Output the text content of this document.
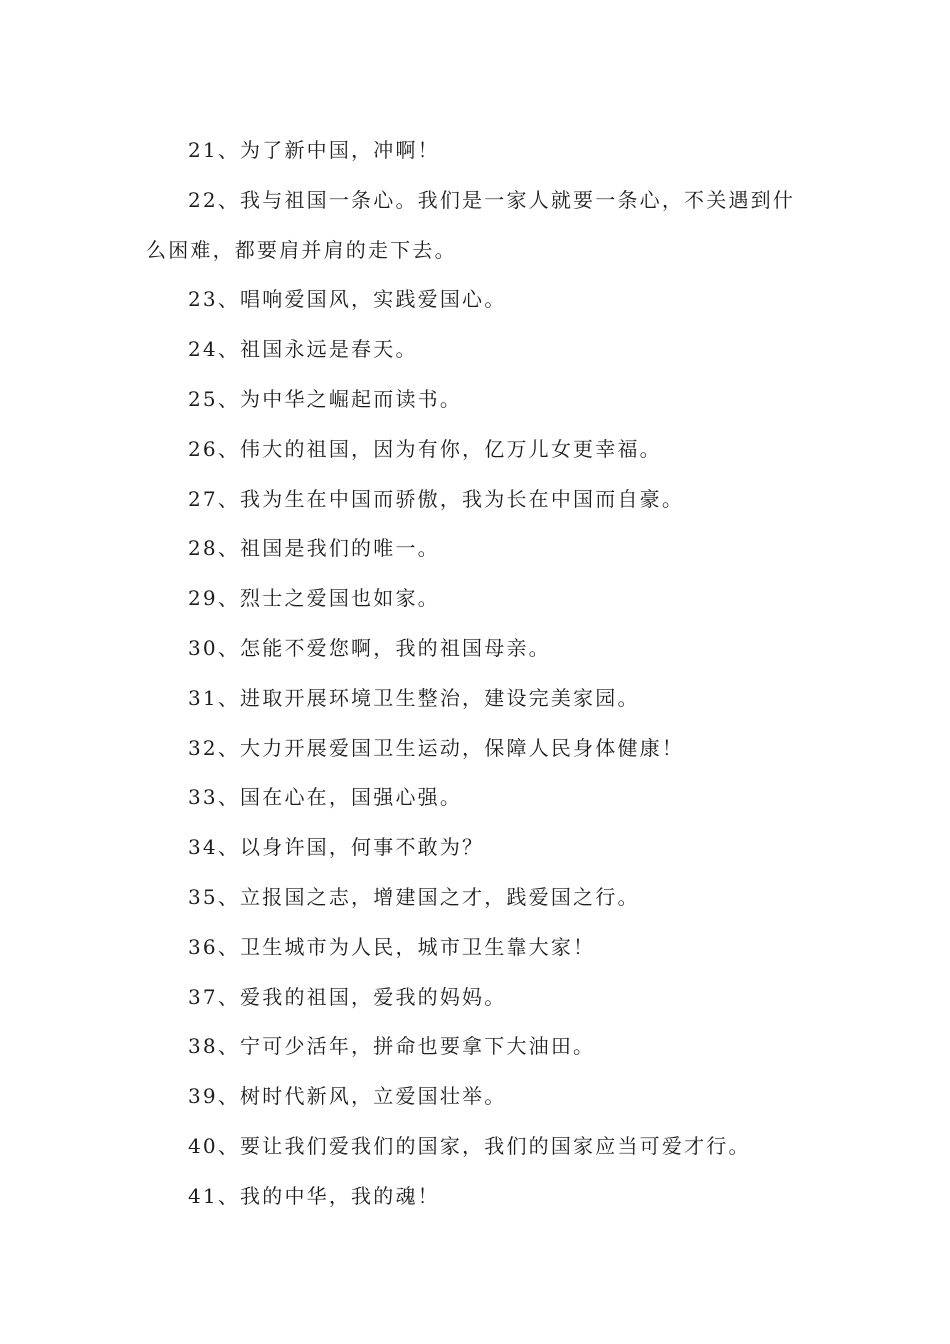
21、为了新中国，冲啊！

22、我与祖国一条心。我们是一家人就要一条心，不关遇到什么困难，都要肩并肩的走下去。

23、唱响爱国风，实践爱国心。

24、祖国永远是春天。

25、为中华之崛起而读书。

26、伟大的祖国，因为有你，亿万儿女更幸福。

27、我为生在中国而骄傲，我为长在中国而自豪。

28、祖国是我们的唯一。

29、烈士之爱国也如家。

30、怎能不爱您啊，我的祖国母亲。

31、进取开展环境卫生整治，建设完美家园。

32、大力开展爱国卫生运动，保障人民身体健康！

33、国在心在，国强心强。

34、以身许国，何事不敢为？

35、立报国之志，增建国之才，践爱国之行。

36、卫生城市为人民，城市卫生靠大家！

37、爱我的祖国，爱我的妈妈。

38、宁可少活年，拼命也要拿下大油田。

39、树时代新风，立爱国壮举。

40、要让我们爱我们的国家，我们的国家应当可爱才行。

41、我的中华，我的魂！
